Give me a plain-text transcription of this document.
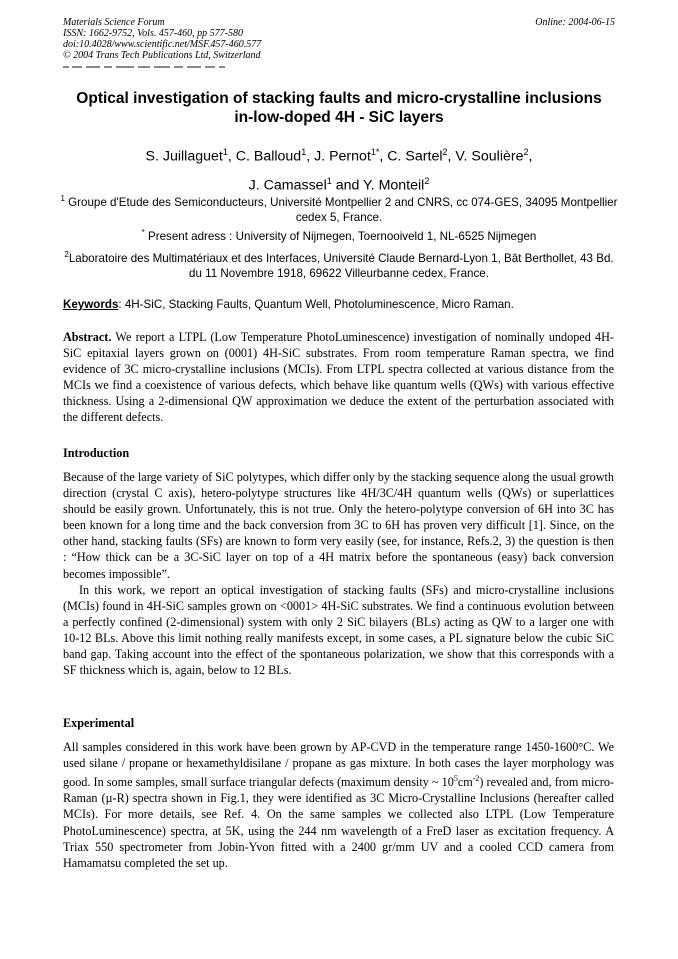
Materials Science Forum
ISSN: 1662-9752, Vols. 457-460, pp 577-580
doi:10.4028/www.scientific.net/MSF.457-460.577
© 2004 Trans Tech Publications Ltd, Switzerland
Online: 2004-06-15
Optical investigation of stacking faults and micro-crystalline inclusions
in-low-doped 4H - SiC layers
S. Juillaguet$^1$, C. Balloud$^1$, J. Pernot$^{1*}$, C. Sartel$^2$, V. Soulière$^2$,
J. Camassel$^1$ and Y. Monteil$^2$
$^1$ Groupe d'Etude des Semiconducteurs, Université Montpellier 2 and CNRS, cc 074-GES, 34095 Montpellier cedex 5, France.
* Present adress : University of Nijmegen, Toernooiveld 1, NL-6525 Nijmegen
$^2$Laboratoire des Multimatériaux et des Interfaces, Université Claude Bernard-Lyon 1, Bât Berthollet, 43 Bd. du 11 Novembre 1918, 69622 Villeurbanne cedex, France.
Keywords: 4H-SiC, Stacking Faults, Quantum Well, Photoluminescence, Micro Raman.

Abstract. We report a LTPL (Low Temperature PhotoLuminescence) investigation of nominally undoped 4H-SiC epitaxial layers grown on (0001) 4H-SiC substrates. From room temperature Raman spectra, we find evidence of 3C micro-crystalline inclusions (MCIs). From LTPL spectra collected at various distance from the MCIs we find a coexistence of various defects, which behave like quantum wells (QWs) with various effective thickness. Using a 2-dimensional QW approximation we deduce the extent of the perturbation associated with the different defects.

Introduction

Because of the large variety of SiC polytypes, which differ only by the stacking sequence along the usual growth direction (crystal C axis), hetero-polytype structures like 4H/3C/4H quantum wells (QWs) or superlattices should be easily grown. Unfortunately, this is not true. Only the hetero-polytype conversion of 6H into 3C has been known for a long time and the back conversion from 3C to 6H has proven very difficult [1]. Since, on the other hand, stacking faults (SFs) are known to form very easily (see, for instance, Refs.2, 3) the question is then : “How thick can be a 3C-SiC layer on top of a 4H matrix before the spontaneous (easy) back conversion becomes impossible”.

In this work, we report an optical investigation of stacking faults (SFs) and micro-crystalline inclusions (MCIs) found in 4H-SiC samples grown on <0001> 4H-SiC substrates. We find a continuous evolution between a perfectly confined (2-dimensional) system with only 2 SiC bilayers (BLs) acting as QW to a larger one with 10-12 BLs. Above this limit nothing really manifests except, in some cases, a PL signature below the cubic SiC band gap. Taking account into the effect of the spontaneous polarization, we show that this corresponds with a SF thickness which is, again, below to 12 BLs.

Experimental

All samples considered in this work have been grown by AP-CVD in the temperature range 1450-1600°C. We used silane / propane or hexamethyldisilane / propane as gas mixture. In both cases the layer morphology was good. In some samples, small surface triangular defects (maximum density ~ $10^5cm^{-2}$) revealed and, from micro-Raman (µ-R) spectra shown in Fig.1, they were identified as 3C Micro-Crystalline Inclusions (hereafter called MCIs). For more details, see Ref. 4. On the same samples we collected also LTPL (Low Temperature PhotoLuminescence) spectra, at 5K, using the 244 nm wavelength of a FreD laser as excitation frequency. A Triax 550 spectrometer from Jobin-Yvon fitted with a 2400 gr/mm UV and a cooled CCD camera from Hamamatsu completed the set up.
